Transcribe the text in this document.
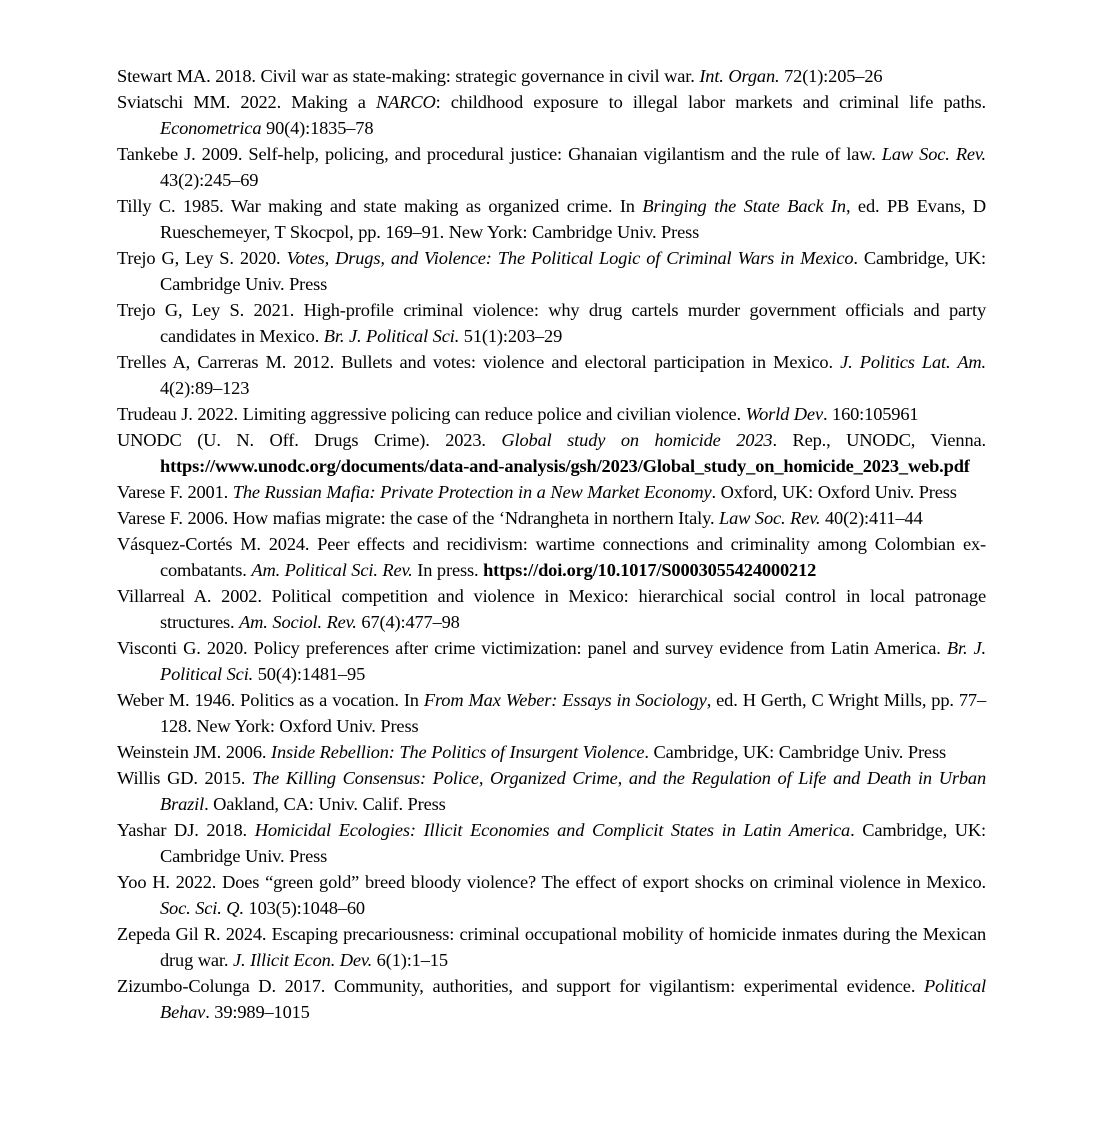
Stewart MA. 2018. Civil war as state-making: strategic governance in civil war. Int. Organ. 72(1):205–26

Sviatschi MM. 2022. Making a NARCO: childhood exposure to illegal labor markets and criminal life paths. Econometrica 90(4):1835–78

Tankebe J. 2009. Self-help, policing, and procedural justice: Ghanaian vigilantism and the rule of law. Law Soc. Rev. 43(2):245–69

Tilly C. 1985. War making and state making as organized crime. In Bringing the State Back In, ed. PB Evans, D Rueschemeyer, T Skocpol, pp. 169–91. New York: Cambridge Univ. Press

Trejo G, Ley S. 2020. Votes, Drugs, and Violence: The Political Logic of Criminal Wars in Mexico. Cambridge, UK: Cambridge Univ. Press

Trejo G, Ley S. 2021. High-profile criminal violence: why drug cartels murder government officials and party candidates in Mexico. Br. J. Political Sci. 51(1):203–29

Trelles A, Carreras M. 2012. Bullets and votes: violence and electoral participation in Mexico. J. Politics Lat. Am. 4(2):89–123

Trudeau J. 2022. Limiting aggressive policing can reduce police and civilian violence. World Dev. 160:105961

UNODC (U. N. Off. Drugs Crime). 2023. Global study on homicide 2023. Rep., UNODC, Vienna. https://www.unodc.org/documents/data-and-analysis/gsh/2023/Global_study_on_homicide_2023_web.pdf

Varese F. 2001. The Russian Mafia: Private Protection in a New Market Economy. Oxford, UK: Oxford Univ. Press

Varese F. 2006. How mafias migrate: the case of the ‘Ndrangheta in northern Italy. Law Soc. Rev. 40(2):411–44

Vásquez-Cortés M. 2024. Peer effects and recidivism: wartime connections and criminality among Colombian ex-combatants. Am. Political Sci. Rev. In press. https://doi.org/10.1017/S0003055424000212

Villarreal A. 2002. Political competition and violence in Mexico: hierarchical social control in local patronage structures. Am. Sociol. Rev. 67(4):477–98

Visconti G. 2020. Policy preferences after crime victimization: panel and survey evidence from Latin America. Br. J. Political Sci. 50(4):1481–95

Weber M. 1946. Politics as a vocation. In From Max Weber: Essays in Sociology, ed. H Gerth, C Wright Mills, pp. 77–128. New York: Oxford Univ. Press

Weinstein JM. 2006. Inside Rebellion: The Politics of Insurgent Violence. Cambridge, UK: Cambridge Univ. Press

Willis GD. 2015. The Killing Consensus: Police, Organized Crime, and the Regulation of Life and Death in Urban Brazil. Oakland, CA: Univ. Calif. Press

Yashar DJ. 2018. Homicidal Ecologies: Illicit Economies and Complicit States in Latin America. Cambridge, UK: Cambridge Univ. Press

Yoo H. 2022. Does “green gold” breed bloody violence? The effect of export shocks on criminal violence in Mexico. Soc. Sci. Q. 103(5):1048–60

Zepeda Gil R. 2024. Escaping precariousness: criminal occupational mobility of homicide inmates during the Mexican drug war. J. Illicit Econ. Dev. 6(1):1–15

Zizumbo-Colunga D. 2017. Community, authorities, and support for vigilantism: experimental evidence. Political Behav. 39:989–1015
